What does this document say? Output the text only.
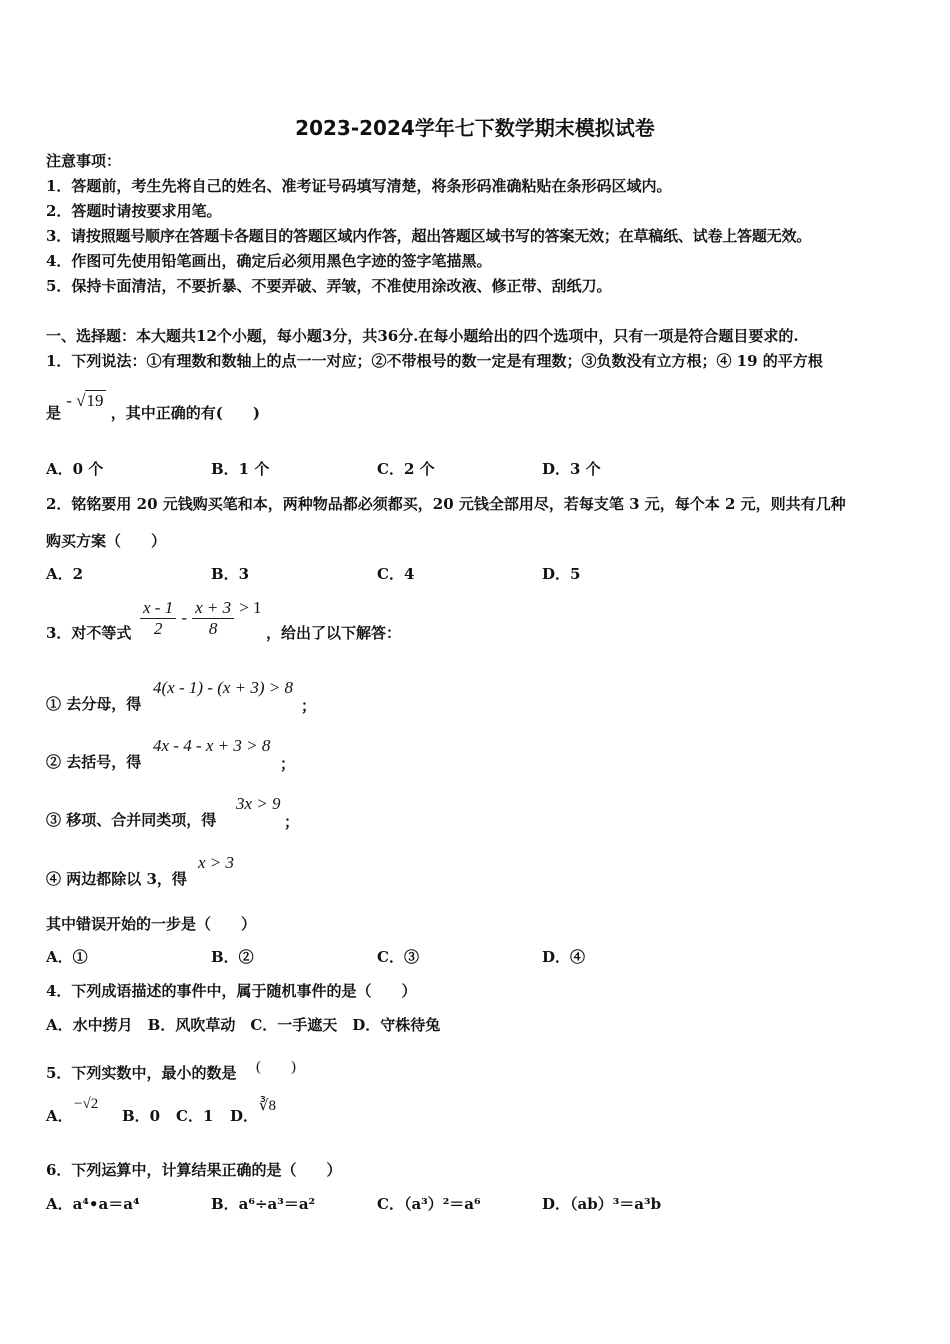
2023-2024学年七下数学期末模拟试卷
注意事项：
1．答题前，考生先将自己的姓名、准考证号码填写清楚，将条形码准确粘贴在条形码区域内。
2．答题时请按要求用笔。
3．请按照题号顺序在答题卡各题目的答题区域内作答，超出答题区域书写的答案无效；在草稿纸、试卷上答题无效。
4．作图可先使用铅笔画出，确定后必须用黑色字迹的签字笔描黑。
5．保持卡面清洁，不要折暴、不要弄破、弄皱，不准使用涂改液、修正带、刮纸刀。
一、选择题：本大题共12个小题，每小题3分，共36分.在每小题给出的四个选项中，只有一项是符合题目要求的.
1．下列说法：①有理数和数轴上的点一一对应；②不带根号的数一定是有理数；③负数没有立方根；④ 19 的平方根
是 - √19 ，其中正确的有(　　)
A．0 个	B．1 个	C．2 个	D．3 个
2．铭铭要用 20 元钱购买笔和本，两种物品都必须都买，20 元钱全部用尽，若每支笔 3 元，每个本 2 元，则共有几种
购买方案（　　）
A．2	B．3	C．4	D．5
3．对不等式 $\frac{x - 1}{2} - \frac{x + 3}{8} > 1$
，给出了以下解答：
① 去分母，得
4(x - 1) - (x + 3) > 8
；
② 去括号，得
4x - 4 - x + 3 > 8
；
③ 移项、合并同类项，得
3x > 9
；
④ 两边都除以 3，得
x > 3
其中错误开始的一步是（　　）
A．①	B．②	C．③	D．④
4．下列成语描述的事件中，属于随机事件的是（　　）
A．水中捞月　B．风吹草动　C．一手遮天　D．守株待兔
5．下列实数中，最小的数是 (　　)
A．
−√2
B．0 C．1 D．
∛8
6．下列运算中，计算结果正确的是（　　）
A．a⁴•a＝a⁴	B．a⁶÷a³＝a²	C．（a³）²＝a⁶	D．（ab）³＝a³b
